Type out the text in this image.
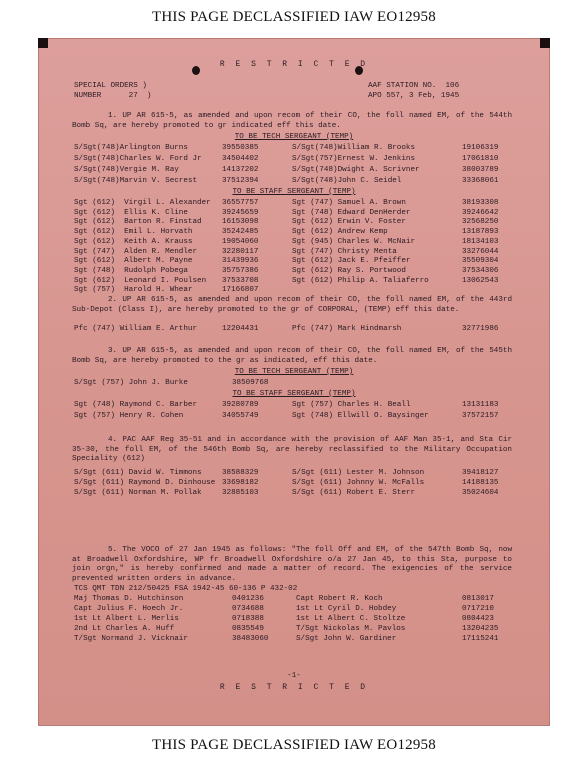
THIS PAGE DECLASSIFIED IAW EO12958
R E S T R I C T E D
SPECIAL ORDERS )
NUMBER      27  )
AAF STATION NO.  106
APO 557, 3 Feb, 1945
1. UP AR 615-5, as amended and upon recom of their CO, the foll named EM, of the 544th Bomb Sq, are hereby promoted to gr indicated eff this date.
TO BE TECH SERGEANT (TEMP)
S/Sgt(748)Arlington Burns	39550385	S/Sgt(748)William R. Brooks	19106319
S/Sgt(748)Charles W. Ford Jr	34504402	S/Sgt(757)Ernest W. Jenkins	17061810
S/Sgt(748)Vergie M. Ray	14137202	S/Sgt(748)Dwight A. Scrivner	38003789
S/Sgt(748)Marvin V. Secrest	37512394	S/Sgt(748)John C. Seidel	33368061
TO BE STAFF SERGEANT (TEMP)
Sgt (612)  Virgil L. Alexander 36557757	Sgt (747) Samuel A. Brown	38193308
Sgt (612)  Ellis K. Cline	39245659	Sgt (748) Edward DenHerder	39246642
Sgt (612)  Barton R. Finstad	16153098	Sgt (612) Erwin V. Foster	32568250
Sgt (612)  Emil L. Horvath	35242485	Sgt (612) Andrew Kemp	13187893
Sgt (612)  Keith A. Krauss	19054060	Sgt (945) Charles W. McNair	18134103
Sgt (747)  Alden R. Mendler	32280117	Sgt (747) Christy Menta	33276044
Sgt (612)  Albert M. Payne	31439936	Sgt (612) Jack E. Pfeiffer	35509304
Sgt (748)  Rudolph Pobega	35757386	Sgt (612) Ray S. Portwood	37534306
Sgt (612)  Leonard I. Poulsen 37533708	Sgt (612) Philip A. Taliaferro	13062543
Sgt (757)  Harold H. Whear	17166807
2. UP AR 615-5, as amended and upon recom of their CO, the foll named EM, of the 443rd Sub-Depot (Class I), are hereby promoted to the gr of CORPORAL, (TEMP) eff this date.
Pfc (747) William E. Arthur	12204431	Pfc (747) Mark Hindmarsh	32771986
3. UP AR 615-5, as amended and upon recom of their CO, the foll named EM, of the 545th Bomb Sq, are hereby promoted to the gr as indicated, eff this date.
TO BE TECH SERGEANT (TEMP)
S/Sgt (757) John J. Burke	38509768
TO BE STAFF SERGEANT (TEMP)
Sgt (748) Raymond C. Barber	39280789	Sgt (757) Charles H. Beall	13131183
Sgt (757) Henry R. Cohen	34055749	Sgt (748) Ellwill O. Baysinger	37572157
4. PAC AAF Reg 35-51 and in accordance with the provision of AAF Man 35-1, and Sta Cir 35-30, the foll EM, of the 546th Bomb Sq, are hereby reclassified to the Military Occupation Speciality (612)
S/Sgt (611) David W. Timmons	38588329	S/Sgt (611) Lester M. Johnson	39418127
S/Sgt (611) Raymond D. Dinhouse 33698182	S/Sgt (611) Johnny W. McFalls	14188135
S/Sgt (611) Norman M. Pollak	32885103	S/Sgt (611) Robert E. Sterr	35024604
5. The VOCO of 27 Jan 1945 as follows: "The foll Off and EM, of the 547th Bomb Sq, now at Broadwell Oxfordshire, WP fr Broadwell Oxfordshire o/a 27 Jan 45, to this Sta, purpose to join orgn," is hereby confirmed and made a matter of record. The exigencies of the service prevented written orders in advance.
TCS QMT TDN 212/50425 FSA 1942-45 60-136 P 432-02
Maj Thomas D. Hutchinson	0401236	Capt Robert R. Koch	0813017
Capt Julius F. Hoech Jr.	0734688	1st Lt Cyril D. Hobdey	0717210
1st Lt Albert L. Merlis	0718388	1st Lt Albert C. Stoltze	0804423
2nd Lt Charles A. Huff	0835549	T/Sgt Nickolas M. Pavlos	13204235
T/Sgt Normand J. Vicknair	38483060	S/Sgt John W. Gardiner	17115241
-1-
R E S T R I C T E D
THIS PAGE DECLASSIFIED IAW EO12958
